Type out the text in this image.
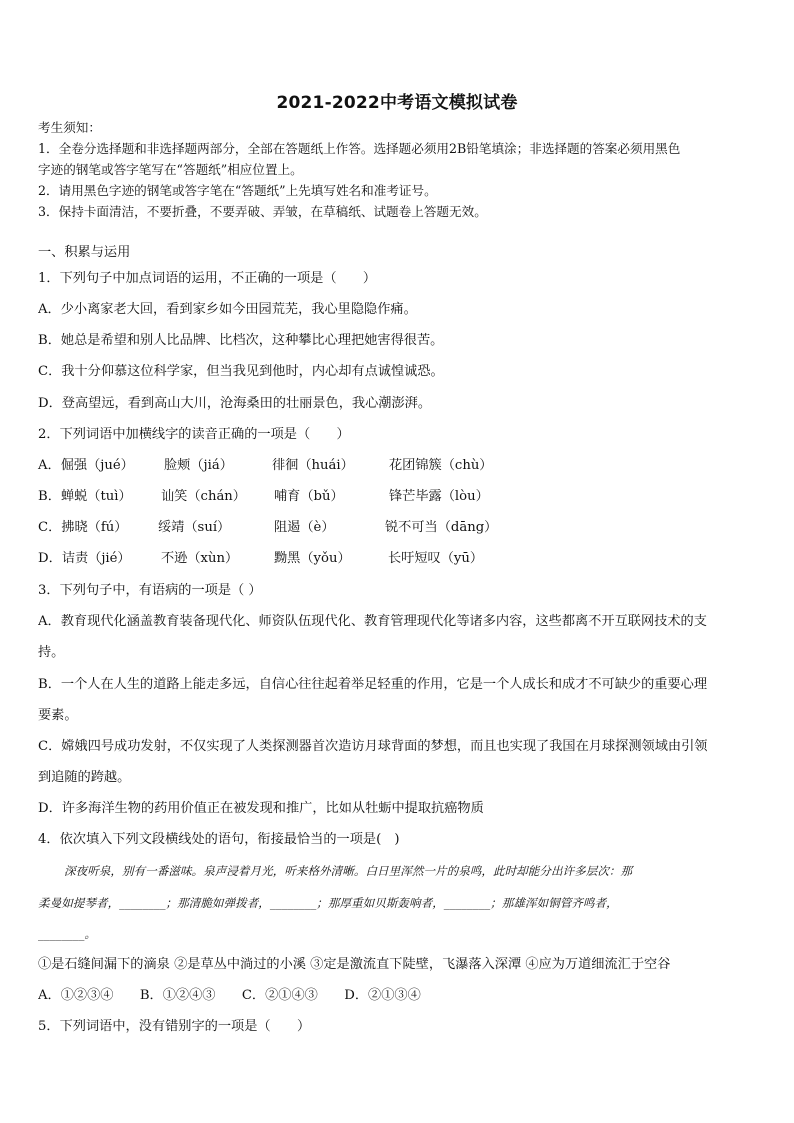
2021-2022中考语文模拟试卷
考生须知：
1．全卷分选择题和非选择题两部分，全部在答题纸上作答。选择题必须用2B铅笔填涂；非选择题的答案必须用黑色
字迹的钢笔或答字笔写在“答题纸”相应位置上。
2．请用黑色字迹的钢笔或答字笔在“答题纸”上先填写姓名和准考证号。
3．保持卡面清洁，不要折叠，不要弄破、弄皱，在草稿纸、试题卷上答题无效。
一、积累与运用
1．下列句子中加点词语的运用，不正确的一项是（　　）
A．少小离家老大回，看到家乡如今田园荒芜，我心里隐隐作痛。
B．她总是希望和别人比品牌、比档次，这种攀比心理把她害得很苦。
C．我十分仰慕这位科学家，但当我见到他时，内心却有点诚惶诚恐。
D．登高望远，看到高山大川，沧海桑田的壮丽景色，我心潮澎湃。
2．下列词语中加横线字的读音正确的一项是（　　）
A．倔强（jué） 脸颊（jiá）	徘徊（huái）	花团锦簇（chù）
B．蝉蜕（tuì） 讪笑（chán） 哺育（bǔ）	锋芒毕露（lòu）
C．拂晓（fú） 绥靖（suí）	阻遏（è）	锐不可当（dāng）
D．诘责（jié） 不逊（xùn）	黝黑（yǒu）	长吁短叹（yū）
3．下列句子中，有语病的一项是（ ）
A．教育现代化涵盖教育装备现代化、师资队伍现代化、教育管理现代化等诸多内容，这些都离不开互联网技术的支
持。
B．一个人在人生的道路上能走多远，自信心往往起着举足轻重的作用，它是一个人成长和成才不可缺少的重要心理
要素。
C．嫦娥四号成功发射，不仅实现了人类探测器首次造访月球背面的梦想，而且也实现了我国在月球探测领域由引领
到追随的跨越。
D．许多海洋生物的药用价值正在被发现和推广，比如从牡蛎中提取抗癌物质
4．依次填入下列文段横线处的语句，衔接最恰当的一项是(　)
深夜听泉，别有一番滋味。泉声浸着月光，听来格外清晰。白日里浑然一片的泉鸣，此时却能分出许多层次：那
柔曼如提琴者，________；那清脆如弹拨者，________；那厚重如贝斯轰响者，________；那雄浑如铜管齐鸣者，
________。
①是石缝间漏下的滴泉 ②是草丛中淌过的小溪 ③定是激流直下陡壁，飞瀑落入深潭 ④应为万道细流汇于空谷
A．①②③④　　B．①②④③　　C．②①④③　　D．②①③④
5．下列词语中，没有错别字的一项是（　　）
